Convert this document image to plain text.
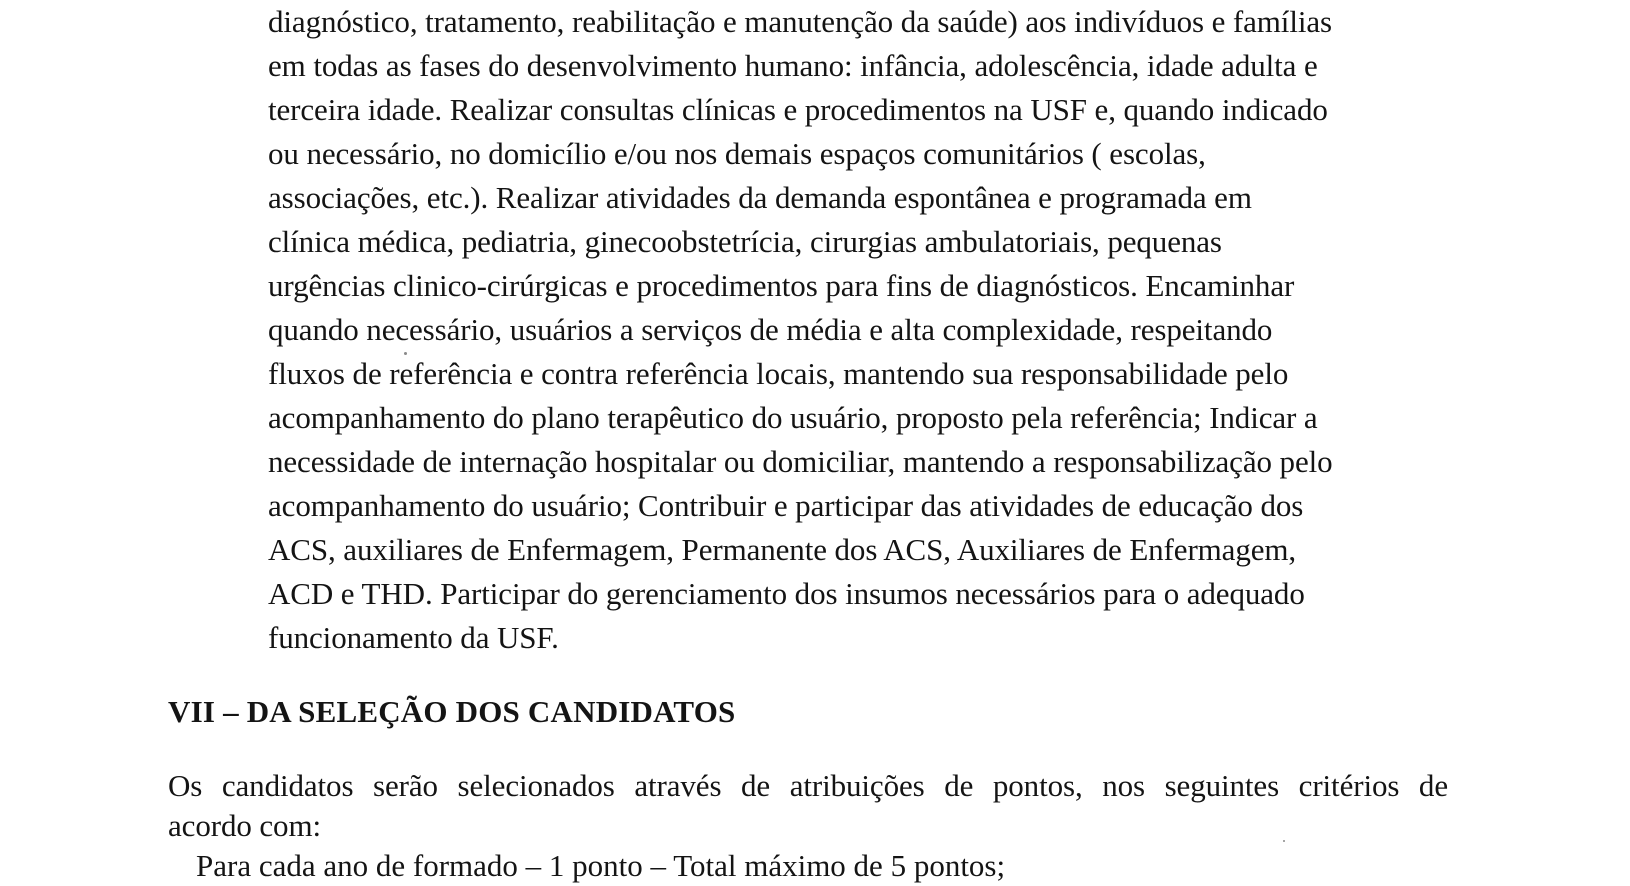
diagnóstico, tratamento, reabilitação e manutenção da saúde) aos indivíduos e famílias
em todas as fases do desenvolvimento humano: infância, adolescência, idade adulta e
terceira idade. Realizar consultas clínicas e procedimentos na USF e, quando indicado
ou necessário, no domicílio e/ou nos demais espaços comunitários ( escolas,
associações, etc.). Realizar atividades da demanda espontânea e programada em
clínica médica, pediatria, ginecoobstetrícia, cirurgias ambulatoriais, pequenas
urgências clinico-cirúrgicas e procedimentos para fins de diagnósticos. Encaminhar
quando necessário, usuários a serviços de média e alta complexidade, respeitando
fluxos de referência e contra referência locais, mantendo sua responsabilidade pelo
acompanhamento do plano terapêutico do usuário, proposto pela referência; Indicar a
necessidade de internação hospitalar ou domiciliar, mantendo a responsabilização pelo
acompanhamento do usuário; Contribuir e participar das atividades de educação dos
ACS, auxiliares de Enfermagem, Permanente dos ACS, Auxiliares de Enfermagem,
ACD e THD. Participar do gerenciamento dos insumos necessários para o adequado
funcionamento da USF.
VII – DA SELEÇÃO DOS CANDIDATOS
Os candidatos serão selecionados através de atribuições de pontos, nos seguintes critérios de
acordo com:
Para cada ano de formado – 1 ponto – Total máximo de 5 pontos;
